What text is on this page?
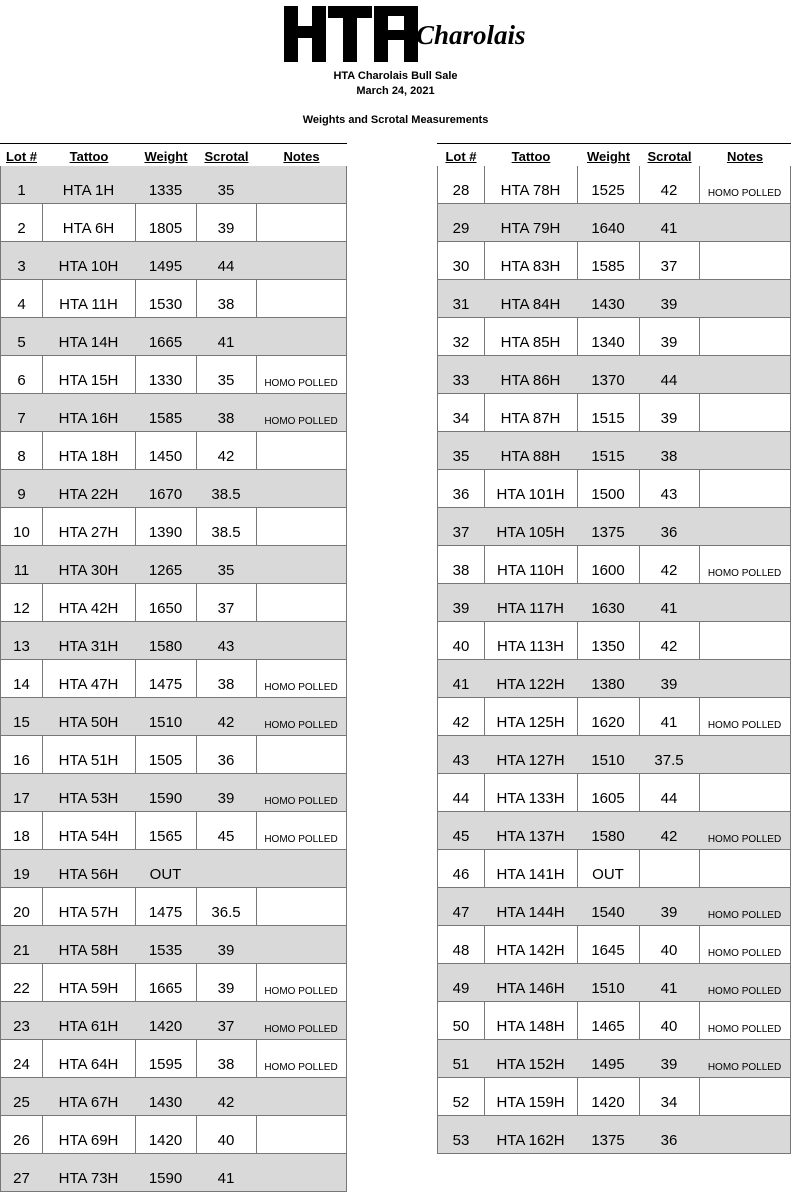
Charolais
HTA Charolais Bull Sale
March 24, 2021
Weights and Scrotal Measurements
Lot #	Tattoo	Weight	Scrotal	Notes
1	HTA 1H	1335	35
2	HTA 6H	1805	39
3	HTA 10H	1495	44
4	HTA 11H	1530	38
5	HTA 14H	1665	41
6	HTA 15H	1330	35	HOMO POLLED
7	HTA 16H	1585	38	HOMO POLLED
8	HTA 18H	1450	42
9	HTA 22H	1670	38.5
10	HTA 27H	1390	38.5
11	HTA 30H	1265	35
12	HTA 42H	1650	37
13	HTA 31H	1580	43
14	HTA 47H	1475	38	HOMO POLLED
15	HTA 50H	1510	42	HOMO POLLED
16	HTA 51H	1505	36
17	HTA 53H	1590	39	HOMO POLLED
18	HTA 54H	1565	45	HOMO POLLED
19	HTA 56H	OUT
20	HTA 57H	1475	36.5
21	HTA 58H	1535	39
22	HTA 59H	1665	39	HOMO POLLED
23	HTA 61H	1420	37	HOMO POLLED
24	HTA 64H	1595	38	HOMO POLLED
25	HTA 67H	1430	42
26	HTA 69H	1420	40
27	HTA 73H	1590	41
Lot #	Tattoo	Weight	Scrotal	Notes
28	HTA 78H	1525	42	HOMO POLLED
29	HTA 79H	1640	41
30	HTA 83H	1585	37
31	HTA 84H	1430	39
32	HTA 85H	1340	39
33	HTA 86H	1370	44
34	HTA 87H	1515	39
35	HTA 88H	1515	38
36	HTA 101H	1500	43
37	HTA 105H	1375	36
38	HTA 110H	1600	42	HOMO POLLED
39	HTA 117H	1630	41
40	HTA 113H	1350	42
41	HTA 122H	1380	39
42	HTA 125H	1620	41	HOMO POLLED
43	HTA 127H	1510	37.5
44	HTA 133H	1605	44
45	HTA 137H	1580	42	HOMO POLLED
46	HTA 141H	OUT
47	HTA 144H	1540	39	HOMO POLLED
48	HTA 142H	1645	40	HOMO POLLED
49	HTA 146H	1510	41	HOMO POLLED
50	HTA 148H	1465	40	HOMO POLLED
51	HTA 152H	1495	39	HOMO POLLED
52	HTA 159H	1420	34
53	HTA 162H	1375	36
